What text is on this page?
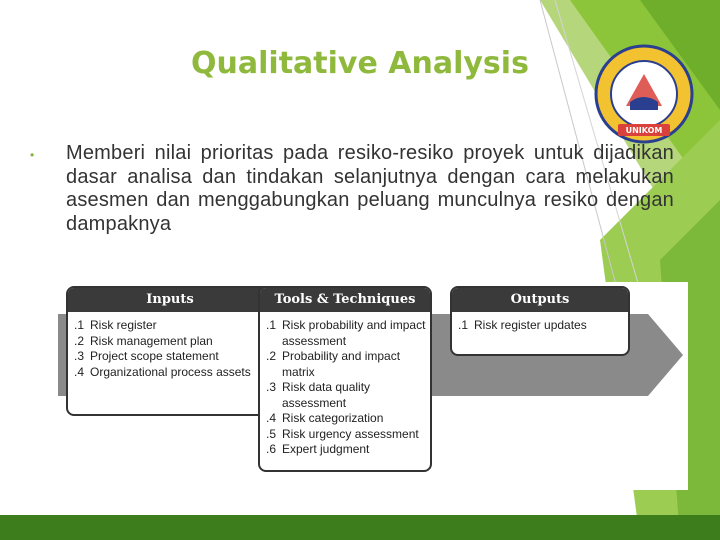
Qualitative Analysis
UNIKOM
• Memberi nilai prioritas pada resiko-resiko proyek untuk dijadikan dasar analisa dan tindakan selanjutnya dengan cara melakukan asesmen dan menggabungkan peluang munculnya resiko dengan dampaknya
Inputs
.1 Risk register
.2 Risk management plan
.3 Project scope statement
.4 Organizational process assets
Tools & Techniques
.1 Risk probability and impact assessment
.2 Probability and impact matrix
.3 Risk data quality assessment
.4 Risk categorization
.5 Risk urgency assessment
.6 Expert judgment
Outputs
.1 Risk register updates
